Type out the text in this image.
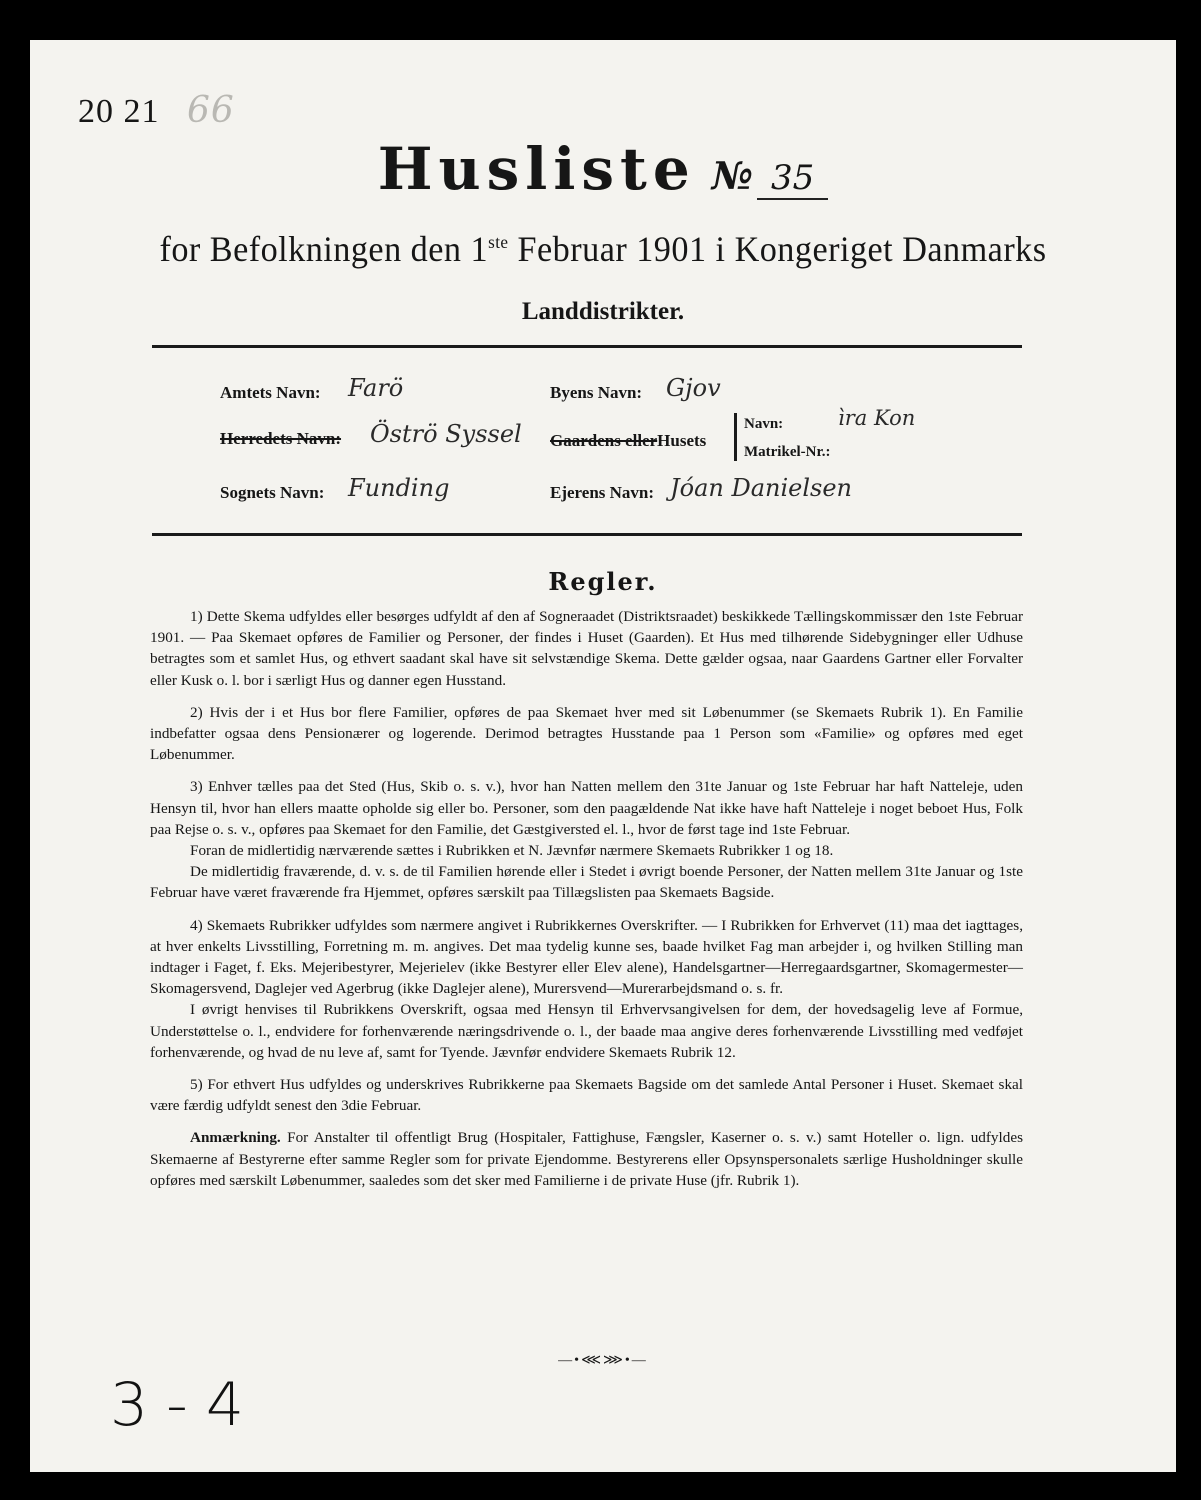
20 21 66
Husliste № 35
for Befolkningen den 1ste Februar 1901 i Kongeriget Danmarks
Landdistrikter.
Amtets Navn: Farö
Herredets Navn: Öströ Syssel
Sognets Navn: Funding
Byens Navn: Gjov
Gaardens ellerHusets
Navn:	ìra Kon
Matrikel-Nr.:
Ejerens Navn: Jóan Danielsen
Regler.

1) Dette Skema udfyldes eller besørges udfyldt af den af Sogneraadet (Distriktsraadet) beskikkede Tællingskommissær den 1ste Februar 1901. — Paa Skemaet opføres de Familier og Personer, der findes i Huset (Gaarden). Et Hus med tilhørende Sidebygninger eller Udhuse betragtes som et samlet Hus, og ethvert saadant skal have sit selvstændige Skema. Dette gælder ogsaa, naar Gaardens Gartner eller Forvalter eller Kusk o. l. bor i særligt Hus og danner egen Husstand.

2) Hvis der i et Hus bor flere Familier, opføres de paa Skemaet hver med sit Løbenummer (se Skemaets Rubrik 1). En Familie indbefatter ogsaa dens Pensionærer og logerende. Derimod betragtes Husstande paa 1 Person som «Familie» og opføres med eget Løbenummer.

3) Enhver tælles paa det Sted (Hus, Skib o. s. v.), hvor han Natten mellem den 31te Januar og 1ste Februar har haft Natteleje, uden Hensyn til, hvor han ellers maatte opholde sig eller bo. Personer, som den paagældende Nat ikke have haft Natteleje i noget beboet Hus, Folk paa Rejse o. s. v., opføres paa Skemaet for den Familie, det Gæstgiversted el. l., hvor de først tage ind 1ste Februar.

Foran de midlertidig nærværende sættes i Rubrikken et N. Jævnfør nærmere Skemaets Rubrikker 1 og 18.

De midlertidig fraværende, d. v. s. de til Familien hørende eller i Stedet i øvrigt boende Personer, der Natten mellem 31te Januar og 1ste Februar have været fraværende fra Hjemmet, opføres særskilt paa Tillægslisten paa Skemaets Bagside.

4) Skemaets Rubrikker udfyldes som nærmere angivet i Rubrikkernes Overskrifter. — I Rubrikken for Erhvervet (11) maa det iagttages, at hver enkelts Livsstilling, Forretning m. m. angives. Det maa tydelig kunne ses, baade hvilket Fag man arbejder i, og hvilken Stilling man indtager i Faget, f. Eks. Mejeribestyrer, Mejerielev (ikke Bestyrer eller Elev alene), Handelsgartner—Herregaardsgartner, Skomagermester—Skomagersvend, Daglejer ved Agerbrug (ikke Daglejer alene), Murersvend—Murerarbejdsmand o. s. fr.

I øvrigt henvises til Rubrikkens Overskrift, ogsaa med Hensyn til Erhvervsangivelsen for dem, der hovedsagelig leve af Formue, Understøttelse o. l., endvidere for forhenværende næringsdrivende o. l., der baade maa angive deres forhenværende Livsstilling med vedføjet forhenværende, og hvad de nu leve af, samt for Tyende. Jævnfør endvidere Skemaets Rubrik 12.

5) For ethvert Hus udfyldes og underskrives Rubrikkerne paa Skemaets Bagside om det samlede Antal Personer i Huset. Skemaet skal være færdig udfyldt senest den 3die Februar.

Anmærkning. For Anstalter til offentligt Brug (Hospitaler, Fattighuse, Fængsler, Kaserner o. s. v.) samt Hoteller o. lign. udfyldes Skemaerne af Bestyrerne efter samme Regler som for private Ejendomme. Bestyrerens eller Opsynspersonalets særlige Husholdninger skulle opføres med særskilt Løbenummer, saaledes som det sker med Familierne i de private Huse (jfr. Rubrik 1).

—•⋘⋙•—
3-4
